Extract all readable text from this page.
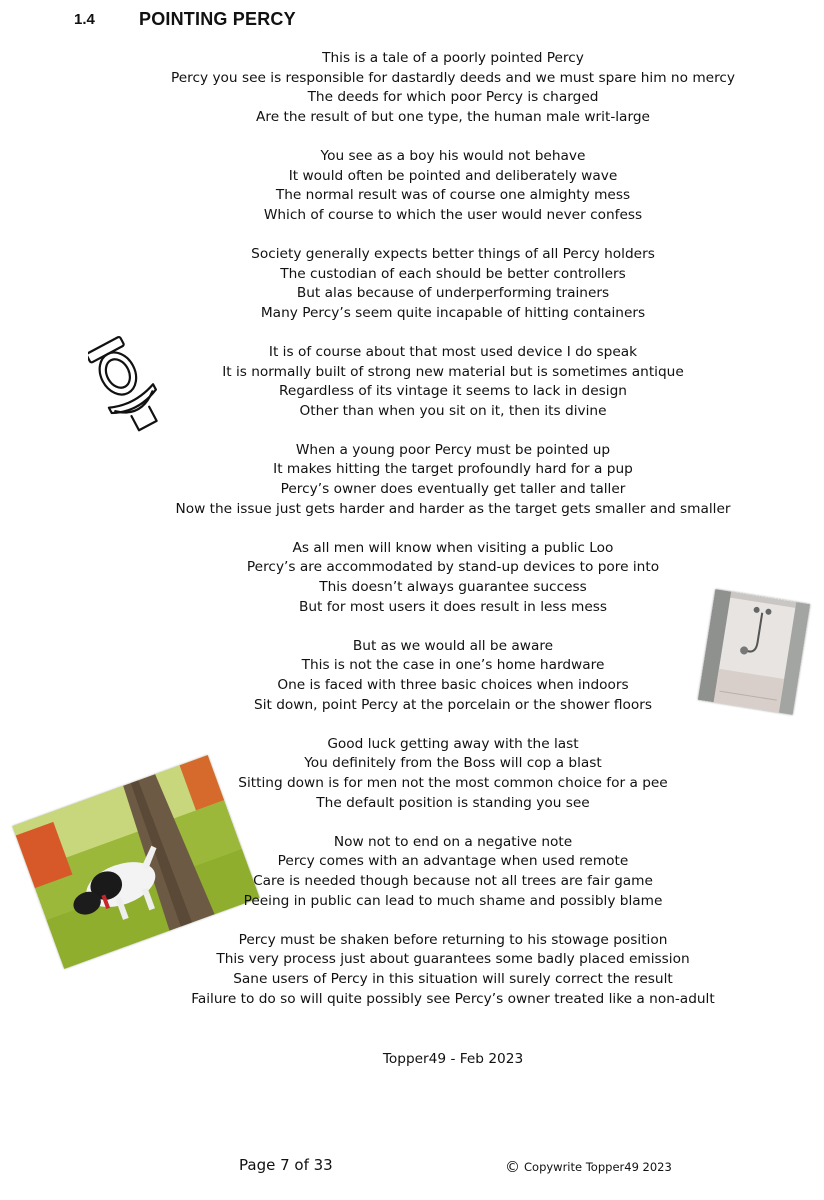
1.4	POINTING PERCY
This is a tale of a poorly pointed Percy
Percy you see is responsible for dastardly deeds and we must spare him no mercy
The deeds for which poor Percy is charged
Are the result of but one type, the human male writ-large
You see as a boy his would not behave
It would often be pointed and deliberately wave
The normal result was of course one almighty mess
Which of course to which the user would never confess
Society generally expects better things of all Percy holders
The custodian of each should be better controllers
But alas because of underperforming trainers
Many Percy’s seem quite incapable of hitting containers
It is of course about that most used device I do speak
It is normally built of strong new material but is sometimes antique
Regardless of its vintage it seems to lack in design
Other than when you sit on it, then its divine
When a young poor Percy must be pointed up
It makes hitting the target profoundly hard for a pup
Percy’s owner does eventually get taller and taller
Now the issue just gets harder and harder as the target gets smaller and smaller
As all men will know when visiting a public Loo
Percy’s are accommodated by stand-up devices to pore into
This doesn’t always guarantee success
But for most users it does result in less mess
But as we would all be aware
This is not the case in one’s home hardware
One is faced with three basic choices when indoors
Sit down, point Percy at the porcelain or the shower floors
Good luck getting away with the last
You definitely from the Boss will cop a blast
Sitting down is for men not the most common choice for a pee
The default position is standing you see
Now not to end on a negative note
Percy comes with an advantage when used remote
Care is needed though because not all trees are fair game
Peeing in public can lead to much shame and possibly blame
Percy must be shaken before returning to his stowage position
This very process just about guarantees some badly placed emission
Sane users of Percy in this situation will surely correct the result
Failure to do so will quite possibly see Percy’s owner treated like a non-adult
Topper49 - Feb 2023
Page 7 of 33	© Copywrite Topper49 2023
